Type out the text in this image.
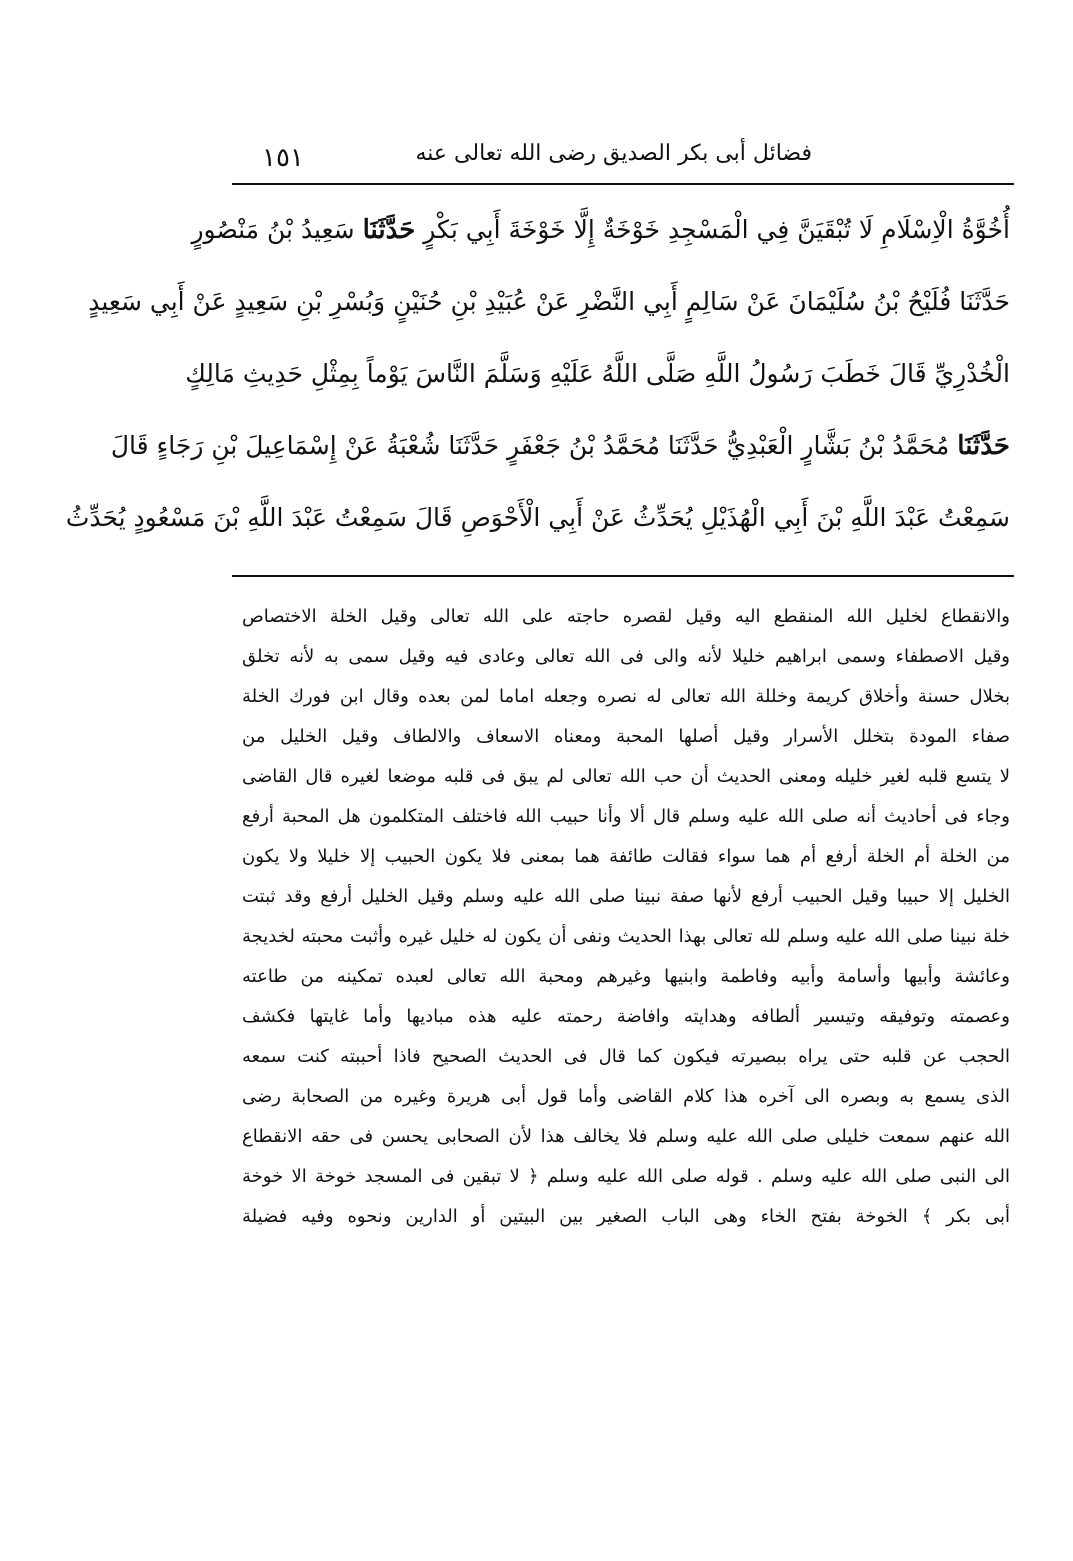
١٥١	فضائل أبى بكر الصديق رضى الله تعالى عنه
أُخُوَّةُ الْاِسْلَامِ لَا تُبْقَيَنَّ فِي الْمَسْجِدِ خَوْخَةٌ إِلَّا خَوْخَةَ أَبِي بَكْرٍ حَدَّثَنَا سَعِيدُ بْنُ مَنْصُورٍ
حَدَّثَنَا فُلَيْحُ بْنُ سُلَيْمَانَ عَنْ سَالِمٍ أَبِي النَّضْرِ عَنْ عُبَيْدِ بْنِ حُنَيْنٍ وَبُسْرِ بْنِ سَعِيدٍ عَنْ أَبِي سَعِيدٍ
الْخُدْرِيِّ قَالَ خَطَبَ رَسُولُ اللَّهِ صَلَّى اللَّهُ عَلَيْهِ وَسَلَّمَ النَّاسَ يَوْماً بِمِثْلِ حَدِيثِ مَالِكٍ
حَدَّثَنَا مُحَمَّدُ بْنُ بَشَّارٍ الْعَبْدِيُّ حَدَّثَنَا مُحَمَّدُ بْنُ جَعْفَرٍ حَدَّثَنَا شُعْبَةُ عَنْ إِسْمَاعِيلَ بْنِ رَجَاءٍ قَالَ
سَمِعْتُ عَبْدَ اللَّهِ بْنَ أَبِي الْهُذَيْلِ يُحَدِّثُ عَنْ أَبِي الْأَحْوَصِ قَالَ سَمِعْتُ عَبْدَ اللَّهِ بْنَ مَسْعُودٍ يُحَدِّثُ
والانقطاع لخليل الله المنقطع اليه وقيل لقصره حاجته على الله تعالى وقيل الخلة الاختصاص
وقيل الاصطفاء وسمى ابراهيم خليلا لأنه والى فى الله تعالى وعادى فيه وقيل سمى به لأنه تخلق
بخلال حسنة وأخلاق كريمة وخللة الله تعالى له نصره وجعله اماما لمن بعده وقال ابن فورك الخلة
صفاء المودة بتخلل الأسرار وقيل أصلها المحبة ومعناه الاسعاف والالطاف وقيل الخليل من
لا يتسع قلبه لغير خليله ومعنى الحديث أن حب الله تعالى لم يبق فى قلبه موضعا لغيره قال القاضى
وجاء فى أحاديث أنه صلى الله عليه وسلم قال ألا وأنا حبيب الله فاختلف المتكلمون هل المحبة أرفع
من الخلة أم الخلة أرفع أم هما سواء فقالت طائفة هما بمعنى فلا يكون الحبيب إلا خليلا ولا يكون
الخليل إلا حبيبا وقيل الحبيب أرفع لأنها صفة نبينا صلى الله عليه وسلم وقيل الخليل أرفع وقد ثبتت
خلة نبينا صلى الله عليه وسلم لله تعالى بهذا الحديث ونفى أن يكون له خليل غيره وأثبت محبته لخديجة
وعائشة وأبيها وأسامة وأبيه وفاطمة وابنيها وغيرهم ومحبة الله تعالى لعبده تمكينه من طاعته
وعصمته وتوفيقه وتيسير ألطافه وهدايته وافاضة رحمته عليه هذه مباديها وأما غايتها فكشف
الحجب عن قلبه حتى يراه ببصيرته فيكون كما قال فى الحديث الصحيح فاذا أحببته كنت سمعه
الذى يسمع به وبصره الى آخره هذا كلام القاضى وأما قول أبى هريرة وغيره من الصحابة رضى
الله عنهم سمعت خليلى صلى الله عليه وسلم فلا يخالف هذا لأن الصحابى يحسن فى حقه الانقطاع
الى النبى صلى الله عليه وسلم . قوله صلى الله عليه وسلم ﴿ لا تبقين فى المسجد خوخة الا خوخة
أبى بكر ﴾ الخوخة بفتح الخاء وهى الباب الصغير بين البيتين أو الدارين ونحوه وفيه فضيلة
